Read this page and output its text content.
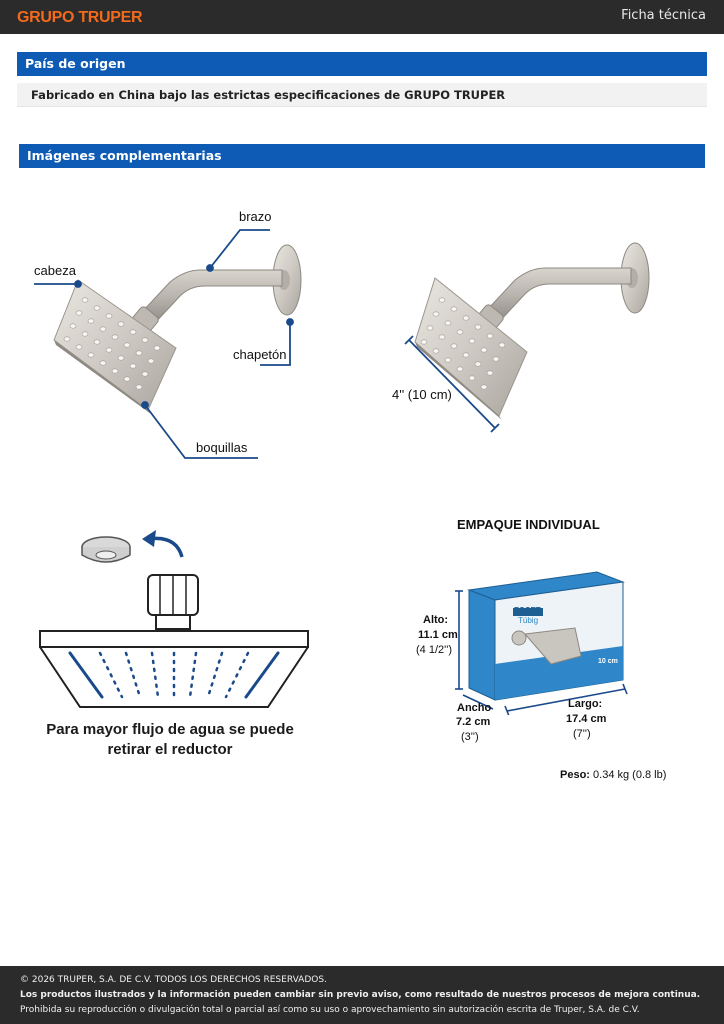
GRUPO TRUPER	Ficha técnica
País de origen
Fabricado en China bajo las estrictas especificaciones de GRUPO TRUPER
Imágenes complementarias
brazo
cabeza
chapetón
boquillas
4'' (10 cm)
Para mayor flujo de agua se puede
retirar el reductor
EMPAQUE INDIVIDUAL
FOSET
Túbig
10 cm
Alto:
11.1 cm
(4 1/2'')
Ancho
7.2 cm
(3'')
Largo:
17.4 cm
(7'')
Peso: 0.34 kg (0.8 lb)
© 2026 TRUPER, S.A. DE C.V. TODOS LOS DERECHOS RESERVADOS.
Los productos ilustrados y la información pueden cambiar sin previo aviso, como resultado de nuestros procesos de mejora continua.
Prohibida su reproducción o divulgación total o parcial así como su uso o aprovechamiento sin autorización escrita de Truper, S.A. de C.V.
